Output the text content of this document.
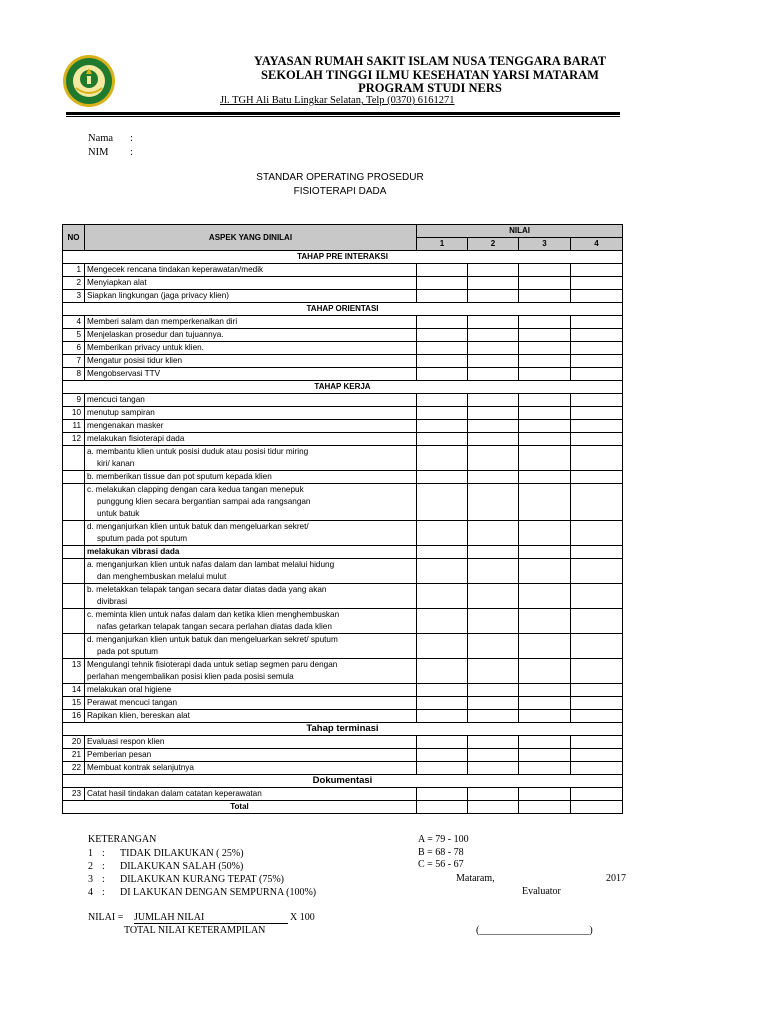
YAYASAN RUMAH SAKIT ISLAM NUSA TENGGARA BARAT
SEKOLAH TINGGI ILMU KESEHATAN YARSI MATARAM
PROGRAM STUDI NERS
Jl. TGH Ali Batu Lingkar Selatan, Telp (0370) 6161271
Nama :
NIM :
STANDAR OPERATING PROSEDUR
FISIOTERAPI DADA
NO	ASPEK YANG DINILAI	NILAI			
		1	2	3	4
TAHAP PRE INTERAKSI					
1	Mengecek rencana tindakan keperawatan/medik				
2	Menyiapkan alat				
3	Siapkan lingkungan (jaga privacy klien)				
TAHAP ORIENTASI					
4	Memberi salam dan memperkenalkan diri				
5	Menjelaskan prosedur dan tujuannya.				
6	Memberikan privacy untuk klien.				
7	Mengatur posisi tidur klien				
8	Mengobservasi TTV				
TAHAP KERJA					
9	mencuci tangan				
10	menutup sampiran				
11	mengenakan masker				
12	melakukan fisioterapi dada				

	a. membantu klien untuk posisi duduk atau posisi tidur miring
kiri/ kanan				

	b. memberikan tissue dan pot sputum kepada klien				

	c. melakukan clapping dengan cara kedua tangan menepuk
punggung klien secara bergantian sampai ada rangsangan
untuk batuk				

	d. menganjurkan klien untuk batuk dan mengeluarkan sekret/
sputum pada pot sputum				

	melakukan vibrasi dada				

	a. menganjurkan klien untuk nafas dalam dan lambat melalui hidung
dan menghembuskan melalui mulut				

	b. meletakkan telapak tangan secara datar diatas dada yang akan
divibrasi				

	c. meminta klien untuk nafas dalam dan ketika klien menghembuskan
nafas getarkan telapak tangan secara perlahan diatas dada klien				

	d. menganjurkan klien untuk batuk dan mengeluarkan sekret/ sputum
pada pot sputum				

13	Mengulangi tehnik fisioterapi dada untuk setiap segmen paru dengan
perlahan mengembalikan posisi klien pada posisi semula				

14	melakukan oral higiene				
15	Perawat mencuci tangan				
16	Rapikan klien, bereskan alat				
Tahap terminasi					
20	Evaluasi respon klien				
21	Pemberian pesan				
22	Membuat kontrak selanjutnya				
Dokumentasi					
23	Catat hasil tindakan dalam catatan keperawatan				
Total					
KETERANGAN
1 : TIDAK DILAKUKAN ( 25%)
2 : DILAKUKAN SALAH (50%)
3 : DILAKUKAN KURANG TEPAT (75%)
4 : DI LAKUKAN DENGAN SEMPURNA (100%)
A = 79 - 100
B = 68 - 78
C = 56 - 67
Mataram,	2017
Evaluator
NILAI = JUMLAH NILAI	X 100
TOTAL NILAI KETERAMPILAN	(______________________)
